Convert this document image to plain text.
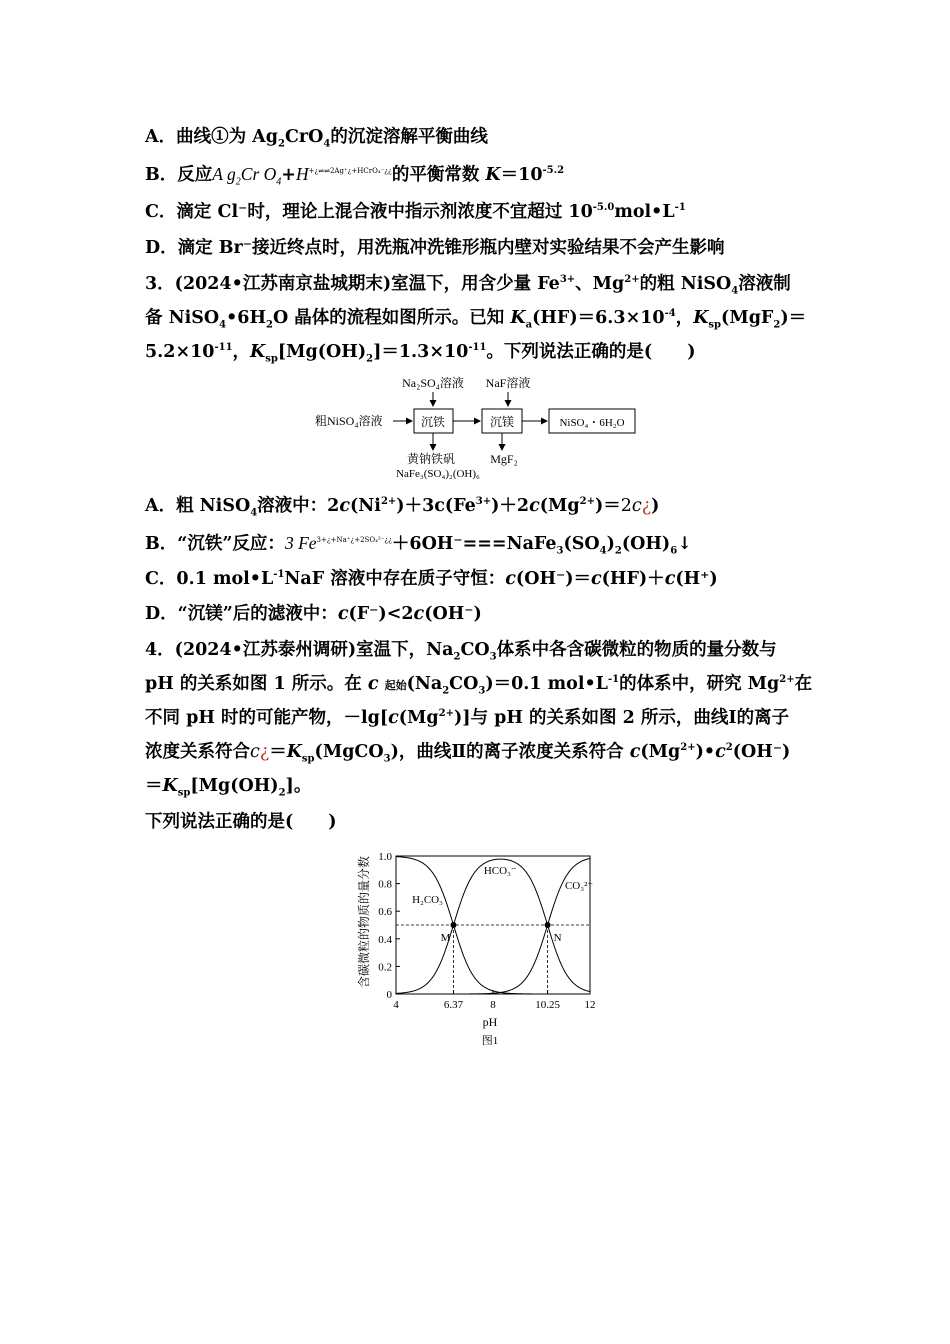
A．曲线①为 $Ag_2CrO_4$的沉淀溶解平衡曲线
B．反应A $g_2Cr$ $O_4+H^{+¿\rightleftharpoons\rightleftharpoons 2Ag^+¿+HCrO_4^-¿¿}$的平衡常数 $K=10^{-5.2}$
C．滴定 Cl⁻时，理论上混合液中指示剂浓度不宜超过 $10^{-5.0}mol•L^{-1}$
D．滴定 Br⁻接近终点时，用洗瓶冲洗锥形瓶内壁对实验结果不会产生影响
3．(2024•江苏南京盐城期末)室温下，用含少量 $Fe^{3+}$、$Mg^{2+}$的粗 NiSO$_4$溶液制
备 $NiSO_4•6H_2O$ 晶体的流程如图所示。已知 $K_a(HF)=6.3\times 10^{-4}$，$K_{sp}(MgF_2)=$
$5.2\times 10^{-11}$，$K_{sp}[Mg(OH)_2]=1.3\times 10^{-11}$。下列说法正确的是(　　)
Na₂SO₄溶液 NaF溶液
粗NiSO₄溶液	沉铁	沉镁	NiSO₄・6H₂O
黄钠铁矾
NaFe₃(SO₄)₂(OH)₆
MgF₂
A．粗 NiSO$_4$溶液中：$2c(Ni^{2+})+3c(Fe^{3+})+2c(Mg^{2+})=2c¿$)
B．“沉铁”反应：3 $Fe^{3+¿+Na^+¿+2SO_4^{2-}¿¿}+6OH^-===NaFe_3(SO_4)_2(OH)_6↓$
C．0.1 $mol•L^{-1}NaF$ 溶液中存在质子守恒：c(OH⁻)＝c(HF)＋c(H⁺)
D．“沉镁”后的滤液中：c(F⁻)<2c(OH⁻)
4．(2024•江苏泰州调研)室温下，$Na_2CO_3$体系中各含碳微粒的物质的量分数与
pH 的关系如图 1 所示。在 c 起始$(Na_2CO_3)=0.1$ $mol•L^{-1}$的体系中，研究 $Mg^{2+}$在
不同 pH 时的可能产物，$-\lg[c(Mg^{2+})]$与 pH 的关系如图 2 所示，曲线Ⅰ的离子
浓度关系符合$c¿=K_{sp}(MgCO_3)$，曲线Ⅱ的离子浓度关系符合 $c(Mg^{2+})•c^2(OH^-)$
$=K_{sp}[Mg(OH)_2]$。
下列说法正确的是(　　)
0
0.2
0.4
0.6
0.8
1.0
4	6.37 8	10.25 12
M	N
H₂CO₃
HCO₃⁻
CO₃²⁻
pH
图1
含碳微粒的物质的量分数
